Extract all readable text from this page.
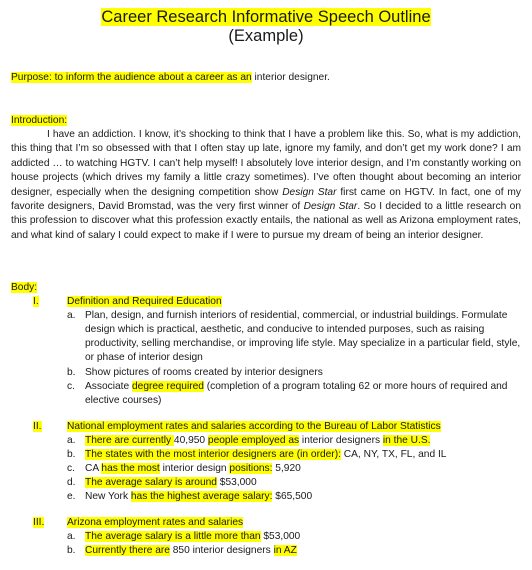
Career Research Informative Speech Outline
(Example)
Purpose: to inform the audience about a career as an interior designer.
Introduction:
I have an addiction. I know, it’s shocking to think that I have a problem like this. So, what is my addiction, this thing that I’m so obsessed with that I often stay up late, ignore my family, and don’t get my work done? I am addicted … to watching HGTV. I can’t help myself! I absolutely love interior design, and I’m constantly working on house projects (which drives my family a little crazy sometimes). I’ve often thought about becoming an interior designer, especially when the designing competition show Design Star first came on HGTV. In fact, one of my favorite designers, David Bromstad, was the very first winner of Design Star. So I decided to a little research on this profession to discover what this profession exactly entails, the national as well as Arizona employment rates, and what kind of salary I could expect to make if I were to pursue my dream of being an interior designer.
Body:
I.	Definition and Required Education
a. Plan, design, and furnish interiors of residential, commercial, or industrial buildings. Formulate
design which is practical, aesthetic, and conducive to intended purposes, such as raising
productivity, selling merchandise, or improving life style. May specialize in a particular field, style,
or phase of interior design
b. Show pictures of rooms created by interior designers
c. Associate degree required (completion of a program totaling 62 or more hours of required and
elective courses)
II.	National employment rates and salaries according to the Bureau of Labor Statistics
a. There are currently 40,950 people employed as interior designers in the U.S.
b. The states with the most interior designers are (in order): CA, NY, TX, FL, and IL
c. CA has the most interior design positions: 5,920
d. The average salary is around $53,000
e. New York has the highest average salary: $65,500
III. Arizona employment rates and salaries
a. The average salary is a little more than $53,000
b. Currently there are 850 interior designers in AZ
